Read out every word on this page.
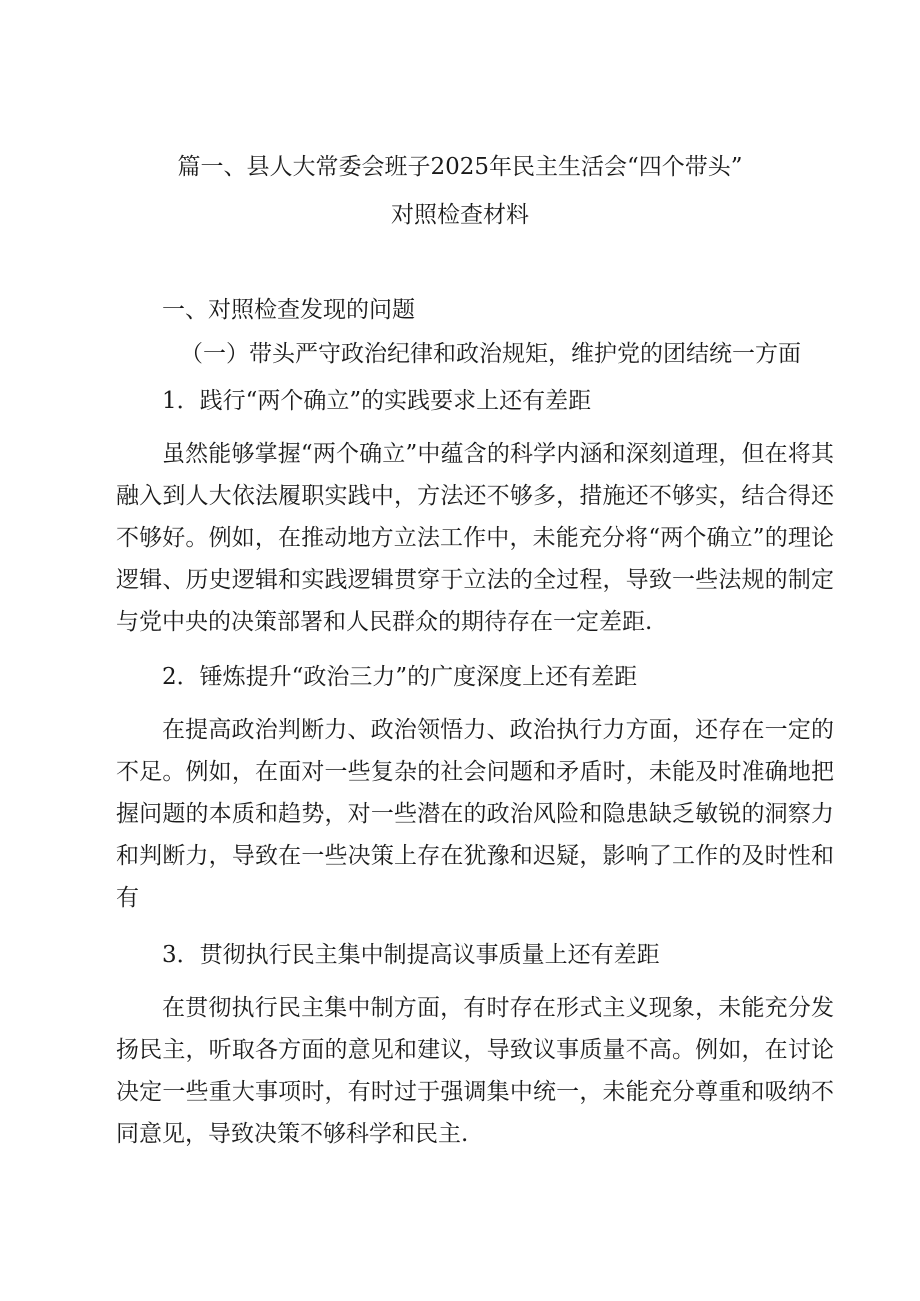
篇一、县人大常委会班子2025年民主生活会“四个带头”
对照检查材料
一、对照检查发现的问题
（一）带头严守政治纪律和政治规矩，维护党的团结统一方面
1．践行“两个确立”的实践要求上还有差距

虽然能够掌握“两个确立”中蕴含的科学内涵和深刻道理，但在将其融入到人大依法履职实践中，方法还不够多，措施还不够实，结合得还不够好。例如，在推动地方立法工作中，未能充分将“两个确立”的理论逻辑、历史逻辑和实践逻辑贯穿于立法的全过程，导致一些法规的制定与党中央的决策部署和人民群众的期待存在一定差距.

2．锤炼提升“政治三力”的广度深度上还有差距

在提高政治判断力、政治领悟力、政治执行力方面，还存在一定的不足。例如，在面对一些复杂的社会问题和矛盾时，未能及时准确地把握问题的本质和趋势，对一些潜在的政治风险和隐患缺乏敏锐的洞察力和判断力，导致在一些决策上存在犹豫和迟疑，影响了工作的及时性和有

3．贯彻执行民主集中制提高议事质量上还有差距

在贯彻执行民主集中制方面，有时存在形式主义现象，未能充分发扬民主，听取各方面的意见和建议，导致议事质量不高。例如，在讨论决定一些重大事项时，有时过于强调集中统一，未能充分尊重和吸纳不同意见，导致决策不够科学和民主.
